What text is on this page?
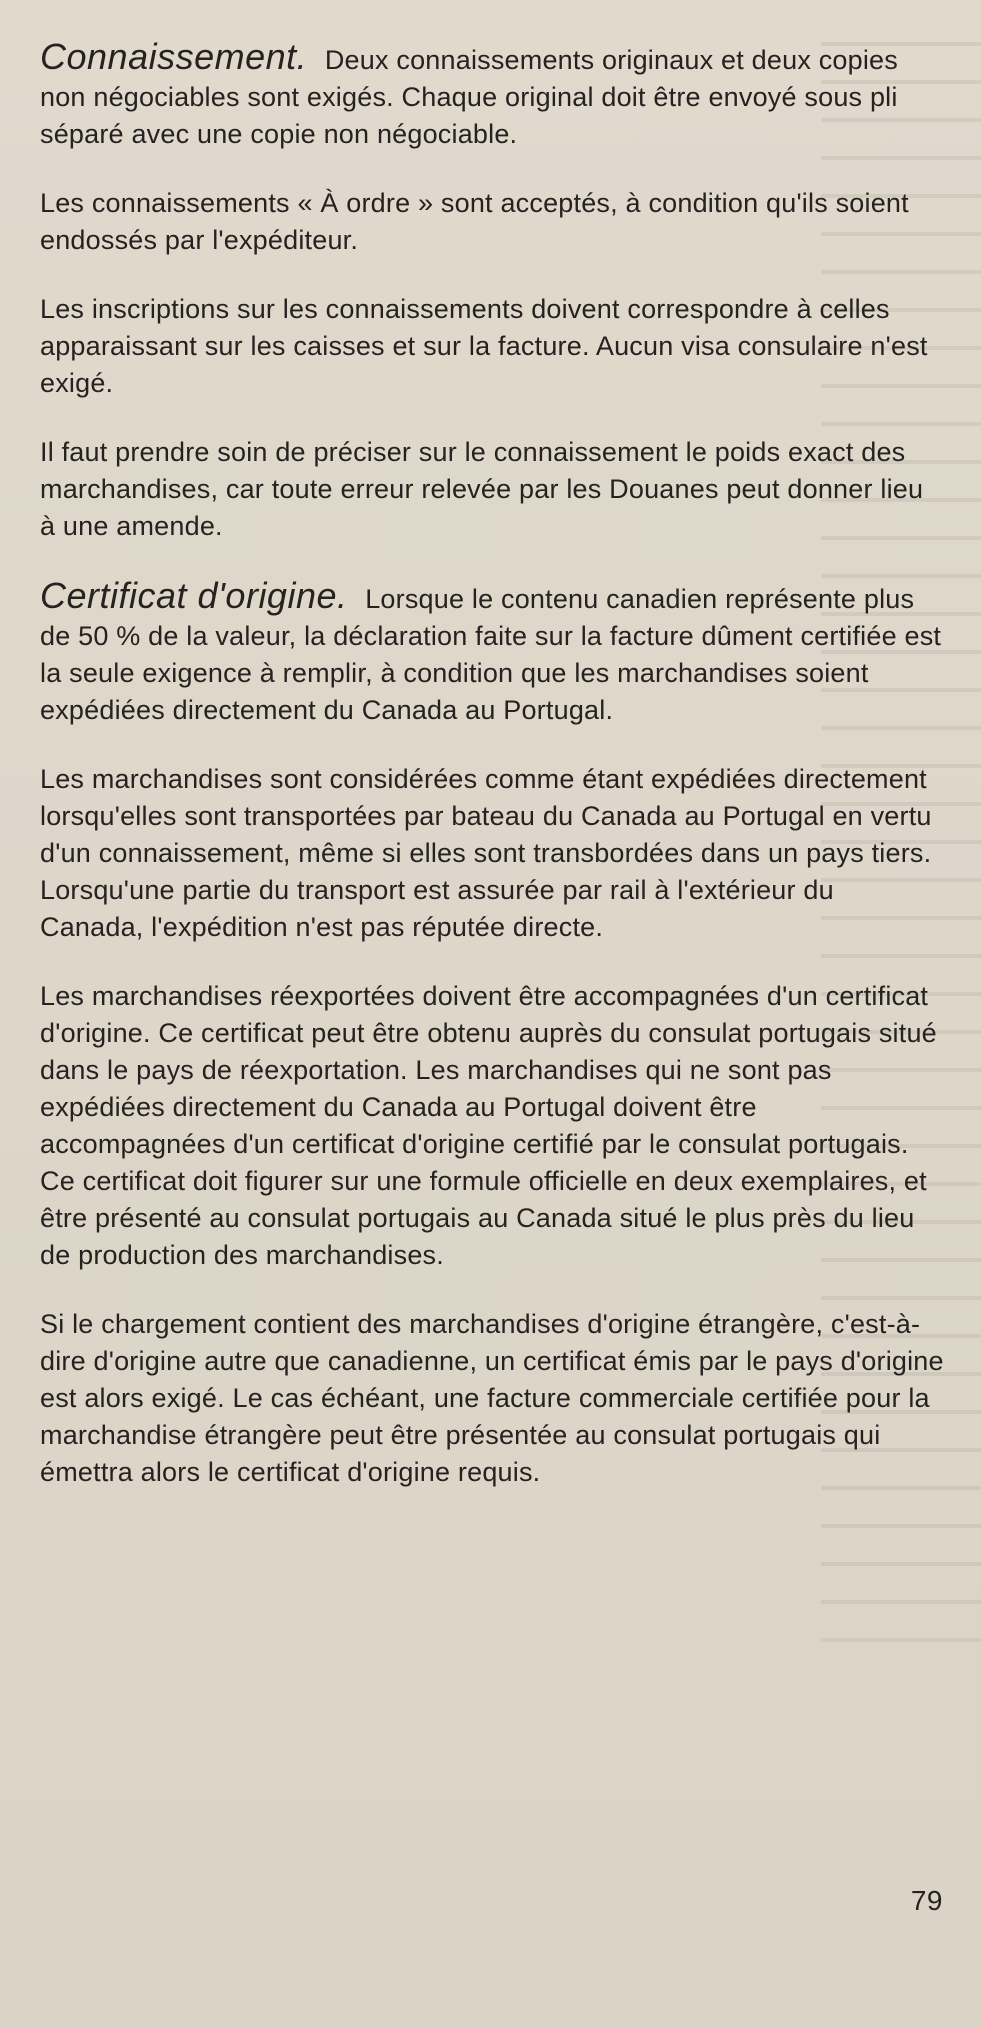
Connaissement. Deux connaissements originaux et deux copies non négociables sont exigés. Chaque original doit être envoyé sous pli séparé avec une copie non négociable.

Les connaissements « À ordre » sont acceptés, à condition qu'ils soient endossés par l'expéditeur.

Les inscriptions sur les connaissements doivent correspondre à celles apparaissant sur les caisses et sur la facture. Aucun visa consulaire n'est exigé.

Il faut prendre soin de préciser sur le connaissement le poids exact des marchandises, car toute erreur relevée par les Douanes peut donner lieu à une amende.

Certificat d'origine. Lorsque le contenu canadien représente plus de 50 % de la valeur, la déclaration faite sur la facture dûment certifiée est la seule exigence à remplir, à condition que les marchandises soient expédiées directement du Canada au Portugal.

Les marchandises sont considérées comme étant expédiées directement lorsqu'elles sont transportées par bateau du Canada au Portugal en vertu d'un connaissement, même si elles sont transbordées dans un pays tiers. Lorsqu'une partie du transport est assurée par rail à l'extérieur du Canada, l'expédition n'est pas réputée directe.

Les marchandises réexportées doivent être accompagnées d'un certificat d'origine. Ce certificat peut être obtenu auprès du consulat portugais situé dans le pays de réexportation. Les marchandises qui ne sont pas expédiées directement du Canada au Portugal doivent être accompagnées d'un certificat d'origine certifié par le consulat portugais. Ce certificat doit figurer sur une formule officielle en deux exemplaires, et être présenté au consulat portugais au Canada situé le plus près du lieu de production des marchandises.

Si le chargement contient des marchandises d'origine étrangère, c'est-à-dire d'origine autre que canadienne, un certificat émis par le pays d'origine est alors exigé. Le cas échéant, une facture commerciale certifiée pour la marchandise étrangère peut être présentée au consulat portugais qui émettra alors le certificat d'origine requis.

79
